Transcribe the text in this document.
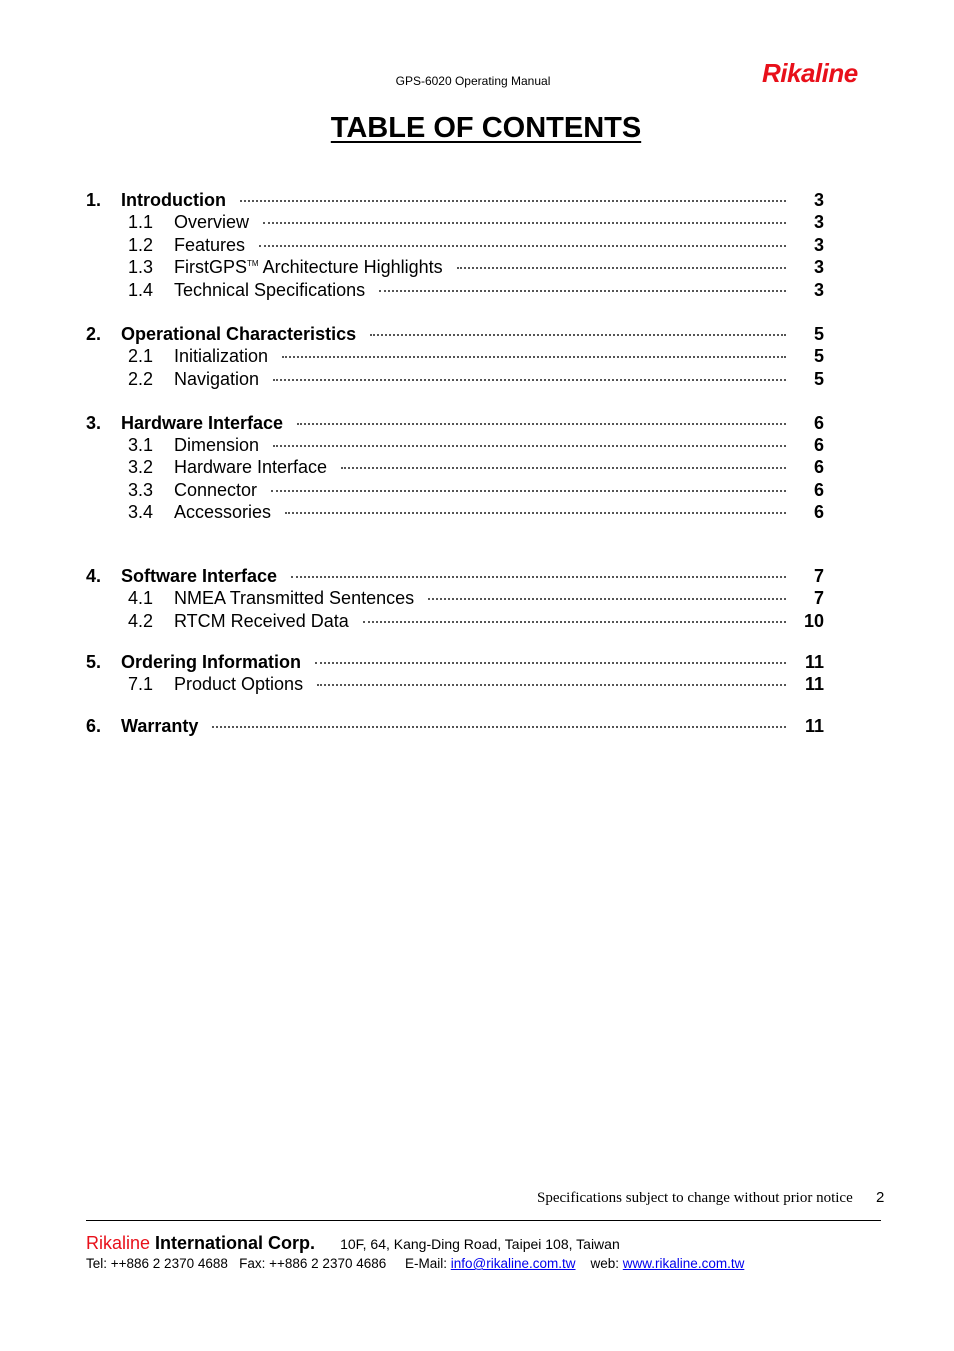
GPS-6020 Operating Manual	Rikaline
TABLE OF CONTENTS
1.	Introduction	3
1.1	Overview	3
1.2	Features	3
1.3	FirstGPS™ Architecture Highlights	3
1.4	Technical Specifications	3
2.	Operational Characteristics	5
2.1	Initialization	5
2.2	Navigation	5
3.	Hardware Interface	6
3.1	Dimension	6
3.2	Hardware Interface	6
3.3	Connector	6
3.4	Accessories	6
4.	Software Interface	7
4.1	NMEA Transmitted Sentences	7
4.2	RTCM Received Data	10
5.	Ordering Information	11
7.1	Product Options	11
6.	Warranty	11
Specifications subject to change without prior notice 2
Rikaline International Corp. 10F, 64, Kang-Ding Road, Taipei 108, Taiwan
Tel: ++886 2 2370 4688   Fax: ++886 2 2370 4686     E-Mail: info@rikaline.com.tw    web: www.rikaline.com.tw
